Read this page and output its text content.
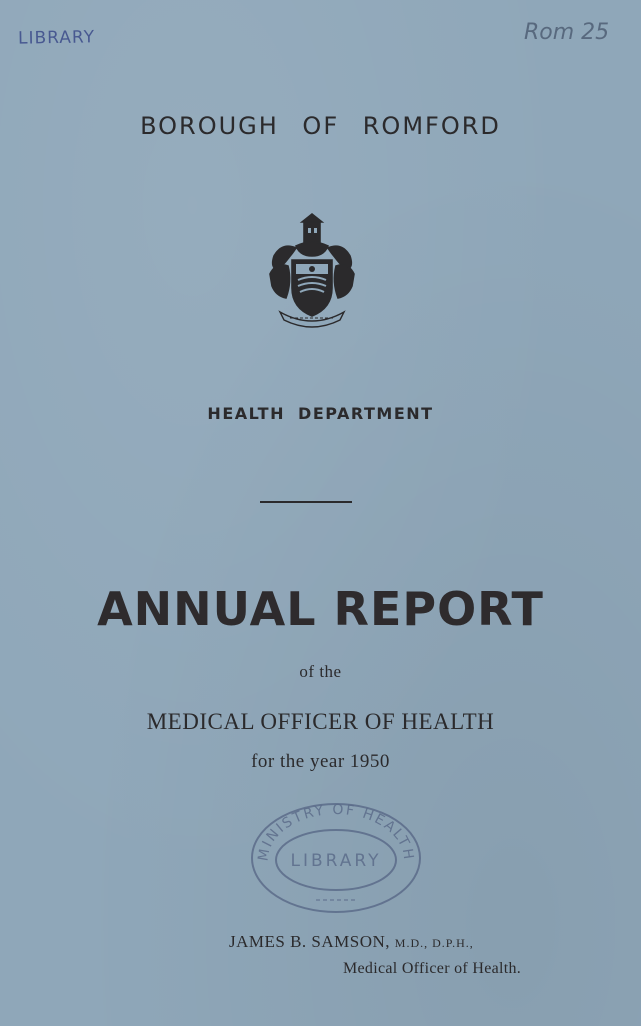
LIBRARY	Rom 25
BOROUGH OF ROMFORD
HEALTH DEPARTMENT
ANNUAL REPORT
of the
MEDICAL OFFICER OF HEALTH
for the year 1950
MINISTRY OF HEALTH
LIBRARY
JAMES B. SAMSON, M.D., D.P.H.,
Medical Officer of Health.
